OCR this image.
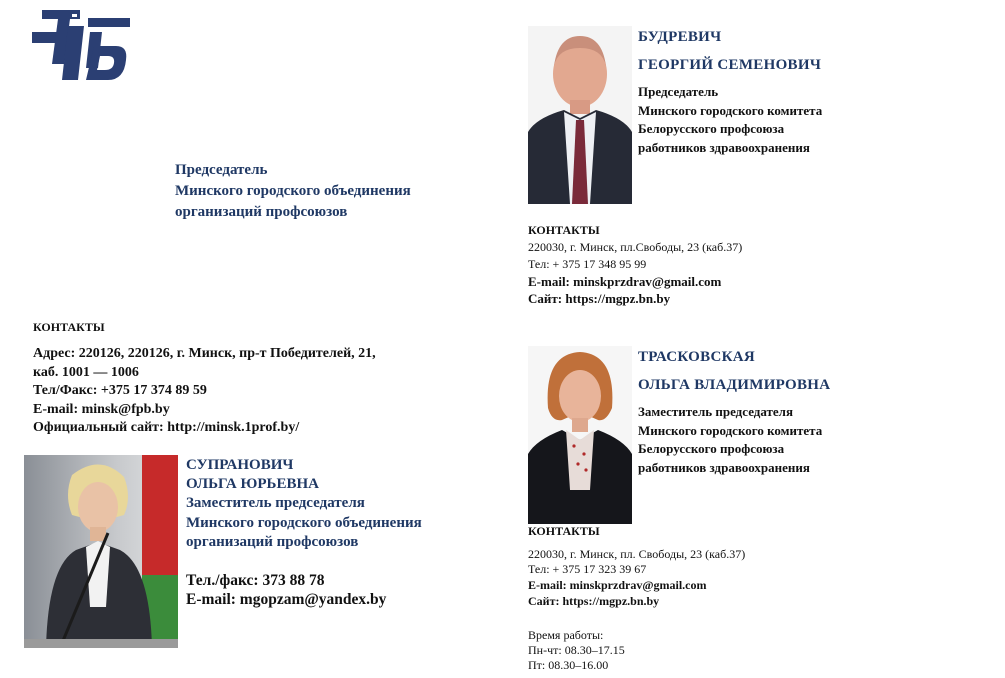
Председатель
Минского городского объединения
организаций профсоюзов
КОНТАКТЫ
Адрес: 220126, 220126, г. Минск, пр-т Победителей, 21,
каб. 1001 — 1006
Тел/Факс: +375 17 374 89 59
E-mail: minsk@fpb.by
Официальный сайт: http://minsk.1prof.by/
СУПРАНОВИЧ
ОЛЬГА ЮРЬЕВНА
Заместитель председателя
Минского городского объединения
организаций профсоюзов
Тел./факс: 373 88 78
E-mail: mgopzam@yandex.by
БУДРЕВИЧ
ГЕОРГИЙ СЕМЕНОВИЧ
Председатель
Минского городского комитета
Белорусского профсоюза
работников здравоохранения
КОНТАКТЫ
220030, г. Минск, пл.Свободы, 23 (каб.37)
Тел: + 375 17 348 95 99
E-mail: minskprzdrav@gmail.com
Сайт: https://mgpz.bn.by
ТРАСКОВСКАЯ
ОЛЬГА ВЛАДИМИРОВНА
Заместитель председателя
Минского городского комитета
Белорусского профсоюза
работников здравоохранения
КОНТАКТЫ
220030, г. Минск, пл. Свободы, 23 (каб.37)
Тел: + 375 17 323 39 67
E-mail: minskprzdrav@gmail.com
Сайт: https://mgpz.bn.by
Время работы:
Пн-чт: 08.30–17.15
Пт: 08.30–16.00
